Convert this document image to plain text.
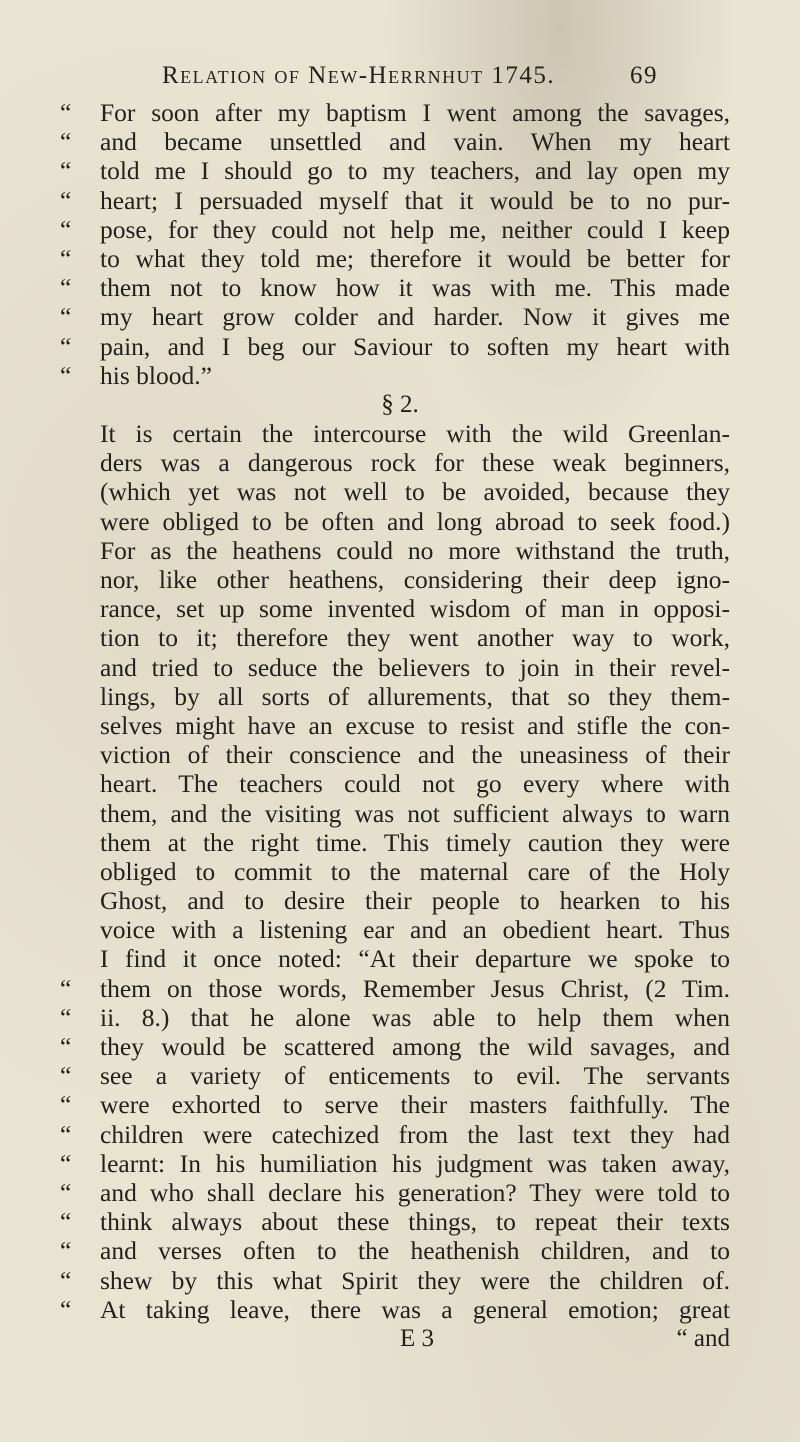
Relation of New-Herrnhut 1745.	69
“ For soon after my baptism I went among the savages,
“ and became unsettled and vain. When my heart
“ told me I should go to my teachers, and lay open my
“ heart; I persuaded myself that it would be to no pur-
“ pose, for they could not help me, neither could I keep
“ to what they told me; therefore it would be better for
“ them not to know how it was with me. This made
“ my heart grow colder and harder. Now it gives me
“ pain, and I beg our Saviour to soften my heart with
“ his blood.”
§ 2.
It is certain the intercourse with the wild Greenlan-
ders was a dangerous rock for these weak beginners,
(which yet was not well to be avoided, because they
were obliged to be often and long abroad to seek food.)
For as the heathens could no more withstand the truth,
nor, like other heathens, considering their deep igno-
rance, set up some invented wisdom of man in opposi-
tion to it; therefore they went another way to work,
and tried to seduce the believers to join in their revel-
lings, by all sorts of allurements, that so they them-
selves might have an excuse to resist and stifle the con-
viction of their conscience and the uneasiness of their
heart. The teachers could not go every where with
them, and the visiting was not sufficient always to warn
them at the right time. This timely caution they were
obliged to commit to the maternal care of the Holy
Ghost, and to desire their people to hearken to his
voice with a listening ear and an obedient heart. Thus
I find it once noted: “At their departure we spoke to
“ them on those words, Remember Jesus Christ, (2 Tim.
“ ii. 8.) that he alone was able to help them when
“ they would be scattered among the wild savages, and
“ see a variety of enticements to evil. The servants
“ were exhorted to serve their masters faithfully. The
“ children were catechized from the last text they had
“ learnt: In his humiliation his judgment was taken away,
“ and who shall declare his generation? They were told to
“ think always about these things, to repeat their texts
“ and verses often to the heathenish children, and to
“ shew by this what Spirit they were the children of.
“ At taking leave, there was a general emotion; great
E 3	“ and
